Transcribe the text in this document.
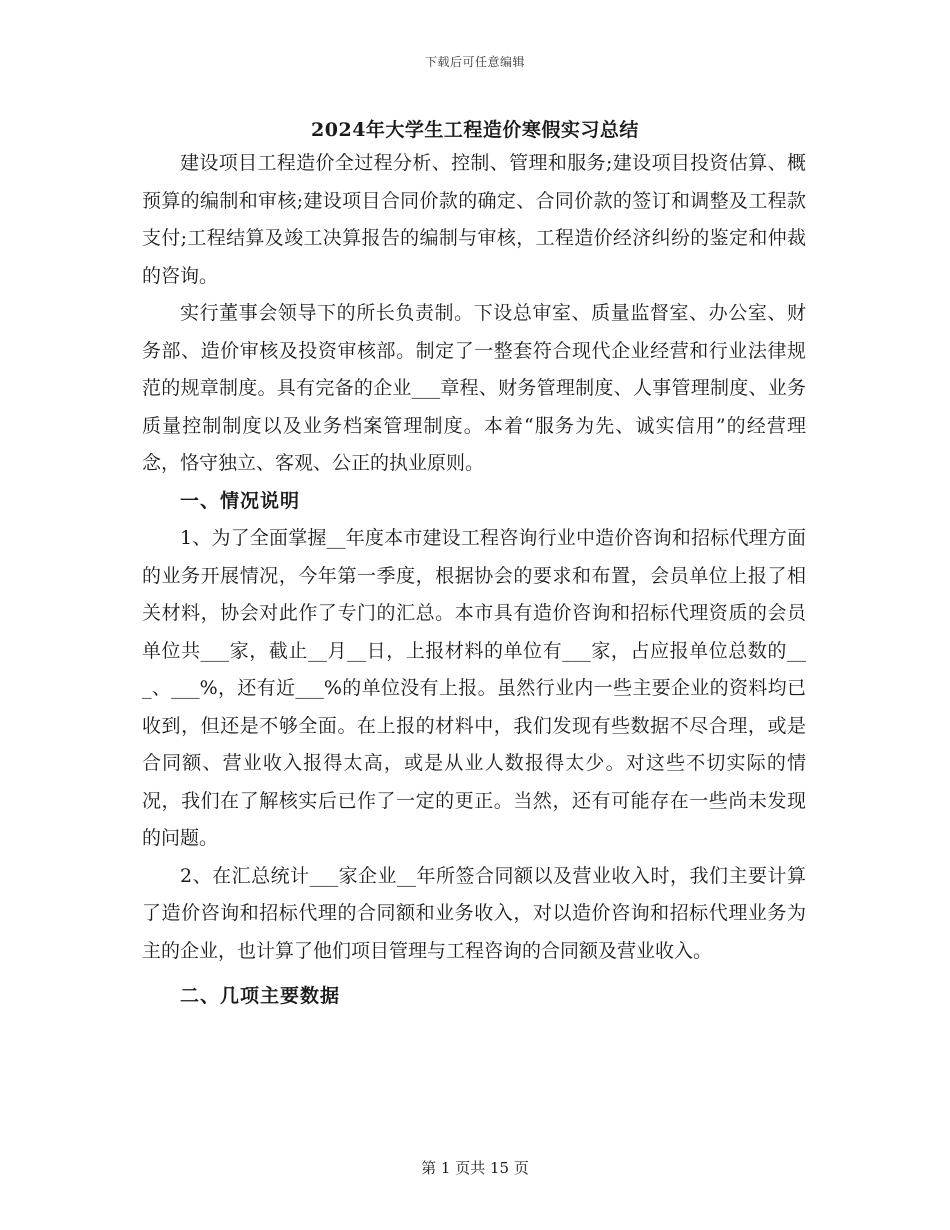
下载后可任意编辑
2024年大学生工程造价寒假实习总结

建设项目工程造价全过程分析、控制、管理和服务;建设项目投资估算、概预算的编制和审核;建设项目合同价款的确定、合同价款的签订和调整及工程款支付;工程结算及竣工决算报告的编制与审核，工程造价经济纠纷的鉴定和仲裁的咨询。

实行董事会领导下的所长负责制。下设总审室、质量监督室、办公室、财务部、造价审核及投资审核部。制定了一整套符合现代企业经营和行业法律规范的规章制度。具有完备的企业___章程、财务管理制度、人事管理制度、业务质量控制制度以及业务档案管理制度。本着“服务为先、诚实信用”的经营理念，恪守独立、客观、公正的执业原则。

一、情况说明

1、为了全面掌握__年度本市建设工程咨询行业中造价咨询和招标代理方面的业务开展情况，今年第一季度，根据协会的要求和布置，会员单位上报了相关材料，协会对此作了专门的汇总。本市具有造价咨询和招标代理资质的会员单位共___家，截止__月__日，上报材料的单位有___家，占应报单位总数的___、___%，还有近___%的单位没有上报。虽然行业内一些主要企业的资料均已收到，但还是不够全面。在上报的材料中，我们发现有些数据不尽合理，或是合同额、营业收入报得太高，或是从业人数报得太少。对这些不切实际的情况，我们在了解核实后已作了一定的更正。当然，还有可能存在一些尚未发现的问题。

2、在汇总统计___家企业__年所签合同额以及营业收入时，我们主要计算了造价咨询和招标代理的合同额和业务收入，对以造价咨询和招标代理业务为主的企业，也计算了他们项目管理与工程咨询的合同额及营业收入。

二、几项主要数据

第 1 页共 15 页
